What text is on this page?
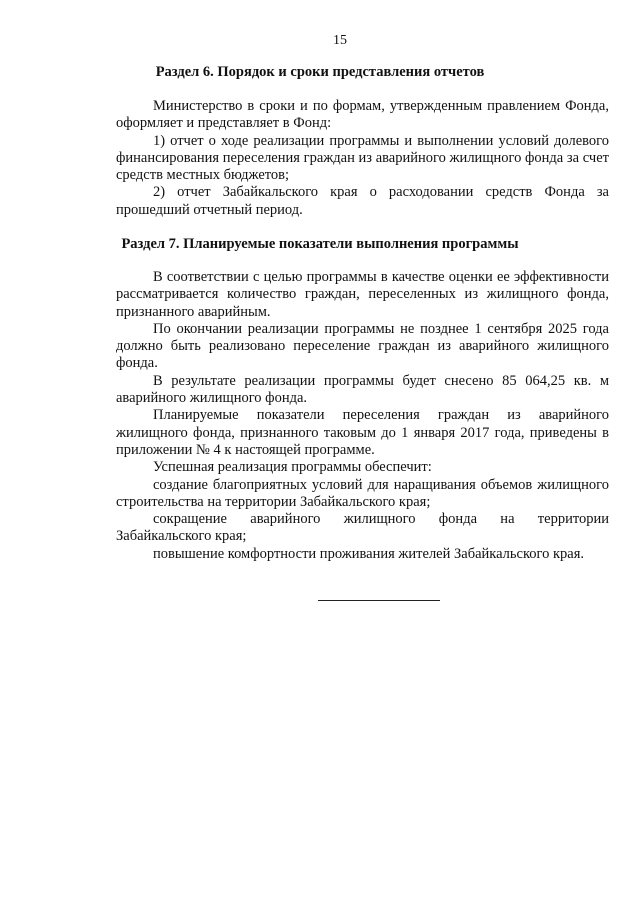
15
Раздел 6. Порядок и сроки представления отчетов

Министерство в сроки и по формам, утвержденным правлением Фонда, оформляет и представляет в Фонд:

1) отчет о ходе реализации программы и выполнении условий долевого финансирования переселения граждан из аварийного жилищного фонда за счет средств местных бюджетов;

2) отчет Забайкальского края о расходовании средств Фонда за прошедший отчетный период.

Раздел 7. Планируемые показатели выполнения программы

В соответствии с целью программы в качестве оценки ее эффективности рассматривается количество граждан, переселенных из жилищного фонда, признанного аварийным.

По окончании реализации программы не позднее 1 сентября 2025 года должно быть реализовано переселение граждан из аварийного жилищного фонда.

В результате реализации программы будет снесено 85 064,25 кв. м аварийного жилищного фонда.

Планируемые показатели переселения граждан из аварийного жилищного фонда, признанного таковым до 1 января 2017 года, приведены в приложении № 4 к настоящей программе.

Успешная реализация программы обеспечит:

создание благоприятных условий для наращивания объемов жилищного строительства на территории Забайкальского края;

сокращение аварийного жилищного фонда на территории Забайкальского края;

повышение комфортности проживания жителей Забайкальского края.
